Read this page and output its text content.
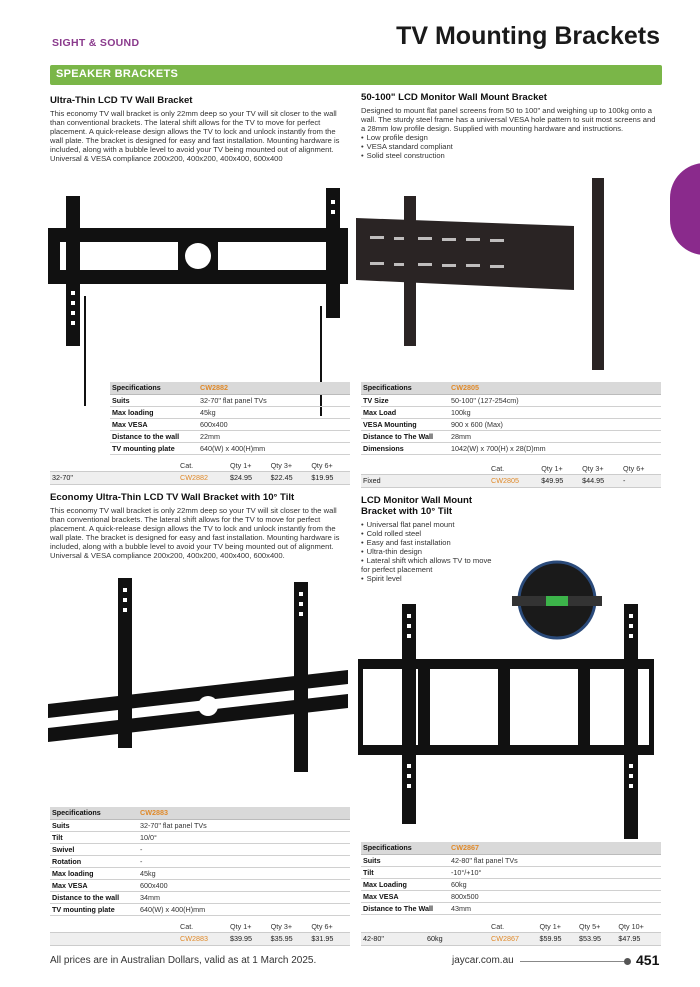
SIGHT & SOUND	TV Mounting Brackets
SPEAKER BRACKETS
Ultra-Thin LCD TV Wall Bracket
This economy TV wall bracket is only 22mm deep so your TV will sit closer to the wall than conventional brackets. The lateral shift allows for the TV to move for perfect placement. A quick-release design allows the TV to lock and unlock instantly from the wall plate. The bracket is designed for easy and fast installation. Mounting hardware is included, along with a bubble level to avoid your TV being mounted out of alignment. Universal & VESA compliance 200x200, 400x200, 400x400, 600x400
Specifications	CW2882
Suits	32-70" flat panel TVs
Max loading	45kg
Max VESA	600x400
Distance to the wall	22mm
TV mounting plate	640(W) x 400(H)mm
	Cat.	Qty 1+	Qty 3+	Qty 6+
32-70"	CW2882	$24.95	$22.45	$19.95
50-100" LCD Monitor Wall Mount Bracket
Designed to mount flat panel screens from 50 to 100" and weighing up to 100kg onto a wall. The sturdy steel frame has a universal VESA hole pattern to suit most screens and a 28mm low profile design. Supplied with mounting hardware and instructions.
• Low profile design
• VESA standard compliant
• Solid steel construction
Specifications	CW2805
TV Size	50-100" (127-254cm)
Max Load	100kg
VESA Mounting	900 x 600 (Max)
Distance to The Wall	28mm
Dimensions	1042(W) x 700(H) x 28(D)mm
	Cat.	Qty 1+	Qty 3+	Qty 6+
Fixed	CW2805	$49.95	$44.95	-
Economy Ultra-Thin LCD TV Wall Bracket with 10° Tilt
This economy TV wall bracket is only 22mm deep so your TV will sit closer to the wall than conventional brackets. The lateral shift allows for the TV to move for perfect placement. A quick-release design allows the TV to lock and unlock instantly from the wall plate. The bracket is designed for easy and fast installation. Mounting hardware is included, along with a bubble level to avoid your TV being mounted out of alignment. Universal & VESA compliance 200x200, 400x200, 400x400, 600x400.
Specifications	CW2883
Suits	32-70" flat panel TVs
Tilt	10/0°
Swivel	-
Rotation	-
Max loading	45kg
Max VESA	600x400
Distance to the wall	34mm
TV mounting plate	640(W) x 400(H)mm
	Cat.	Qty 1+	Qty 3+	Qty 6+
	CW2883	$39.95	$35.95	$31.95
LCD Monitor Wall Mount Bracket with 10° Tilt
• Universal flat panel mount
• Cold rolled steel
• Easy and fast installation
• Ultra-thin design
• Lateral shift which allows TV to move for perfect placement
• Spirit level
Specifications	CW2867
Suits	42-80" flat panel TVs
Tilt	-10°/+10°
Max Loading	60kg
Max VESA	800x500
Distance to The Wall	43mm
		Cat.	Qty 1+	Qty 5+	Qty 10+
42-80"	60kg	CW2867	$59.95	$53.95	$47.95
All prices are in Australian Dollars, valid as at 1 March 2025.	jaycar.com.au	451
